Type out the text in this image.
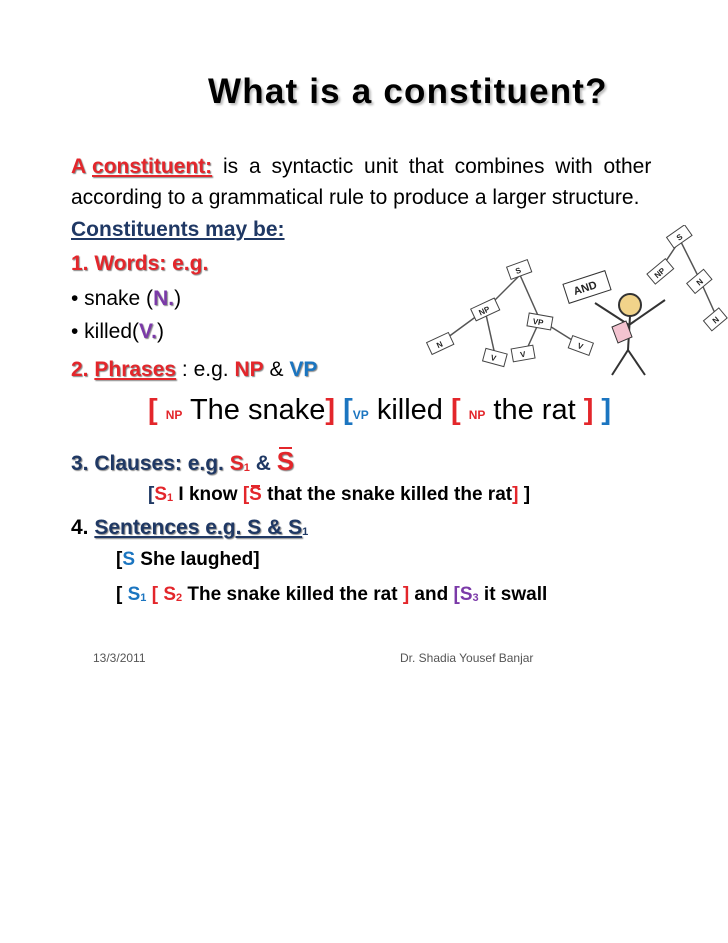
What is a constituent?
A constituent: is a syntactic unit that combines with other
according to a grammatical rule to produce a larger structure.
Constituents may be:
1. Words: e.g.
• snake (N.)
• killed(V.)
2. Phrases : e.g. NP & VP
[ NP The snake] [VP killed [ NP the rat ] ]
3. Clauses: e.g. S1 & S
[S1 I know [S that the snake killed the rat] ]
4. Sentences e.g. S & S1
[S She laughed]
[ S1 [ S2 The snake killed the rat ] and [S3 it swall
S
NP
VP
N
V
AND
V
S
NP
N
N
V
13/3/2011	Dr. Shadia Yousef Banjar
